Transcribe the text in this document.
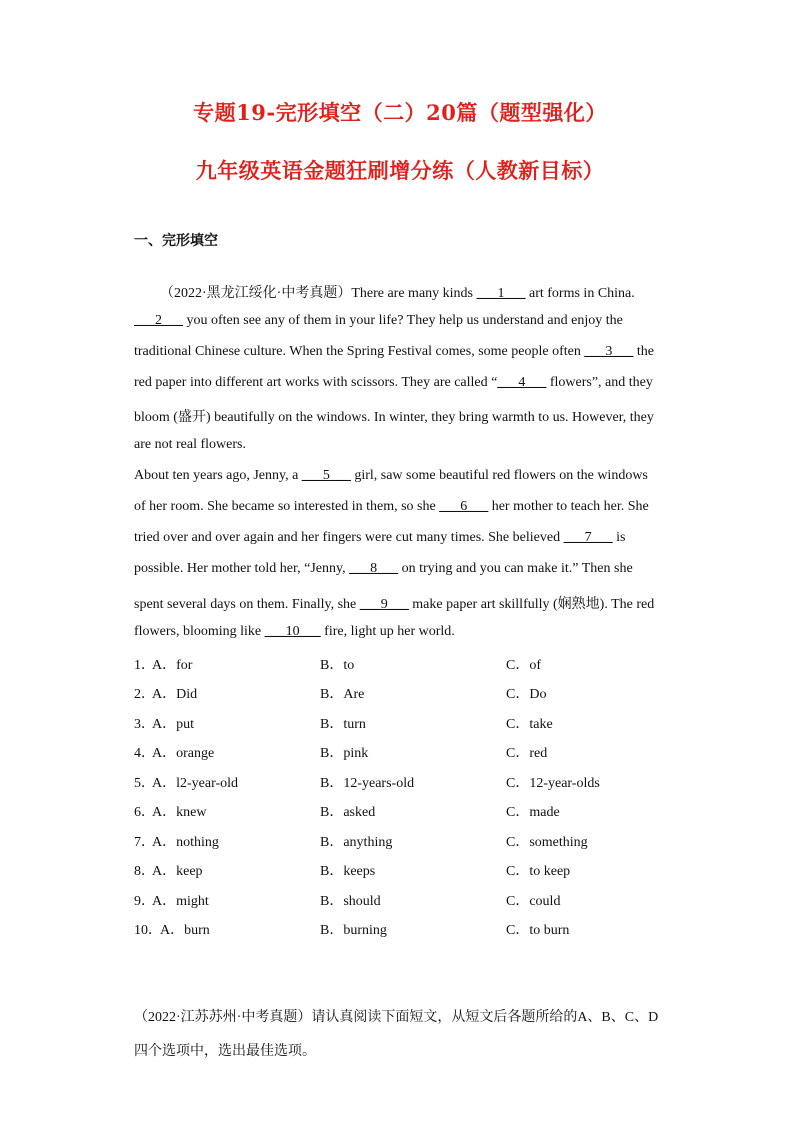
专题19-完形填空（二）20篇（题型强化）
九年级英语金题狂刷增分练（人教新目标）
一、完形填空
（2022·黑龙江绥化·中考真题）There are many kinds ___1___ art forms in China.
___2___ you often see any of them in your life? They help us understand and enjoy the
traditional Chinese culture. When the Spring Festival comes, some people often ___3___ the
red paper into different art works with scissors. They are called “___4___ flowers”, and they
bloom (盛开) beautifully on the windows. In winter, they bring warmth to us. However, they
are not real flowers.
About ten years ago, Jenny, a ___5___ girl, saw some beautiful red flowers on the windows
of her room. She became so interested in them, so she ___6___ her mother to teach her. She
tried over and over again and her fingers were cut many times. She believed ___7___ is
possible. Her mother told her, “Jenny, ___8___ on trying and you can make it.” Then she
spent several days on them. Finally, she ___9___ make paper art skillfully (娴熟地). The red
flowers, blooming like ___10___ fire, light up her world.
1．
A．for	B．to	C．of
2．
A．Did	B．Are	C．Do
3．
A．put	B．turn	C．take
4．
A．orange	B．pink	C．red
5．
A．l2-year-old	B．12-years-old	C．12-year-olds
6．
A．knew	B．asked	C．made
7．
A．nothing	B．anything	C．something
8．
A．keep	B．keeps	C．to keep
9．
A．might	B．should	C．could
10．
A．burn	B．burning	C．to burn
（2022·江苏苏州·中考真题）请认真阅读下面短文，从短文后各题所给的A、B、C、D
四个选项中，选出最佳选项。
